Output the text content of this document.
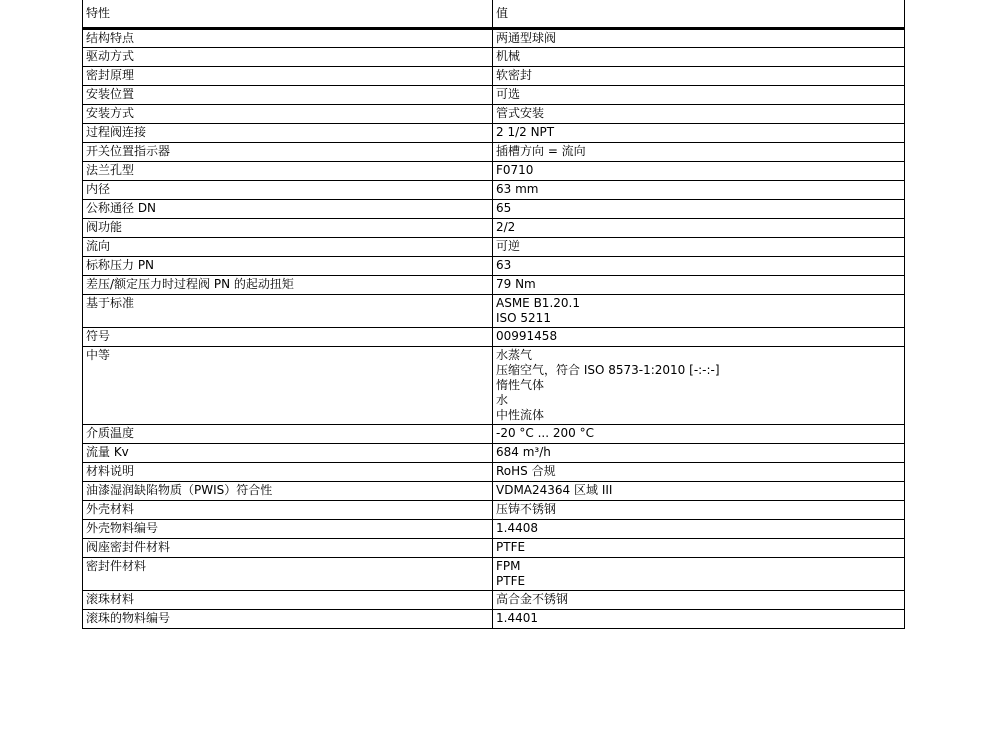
特性	值
结构特点	两通型球阀

驱动方式	机械

密封原理	软密封

安装位置	可选

安装方式	管式安装

过程阀连接	2 1/2 NPT

开关位置指示器	插槽方向 = 流向

法兰孔型	F0710

内径	63 mm

公称通径 DN	65

阀功能	2/2

流向	可逆

标称压力 PN	63

差压/额定压力时过程阀 PN 的起动扭矩	79 Nm

基于标准	ASME B1.20.1
ISO 5211

符号	00991458

中等	水蒸气
压缩空气，符合 ISO 8573-1:2010 [-:-:-]
惰性气体
水
中性流体

介质温度	-20 °C ... 200 °C

流量 Kv	684 m³/h

材料说明	RoHS 合规

油漆湿润缺陷物质（PWIS）符合性	VDMA24364 区域 III

外壳材料	压铸不锈钢

外壳物料编号	1.4408

阀座密封件材料	PTFE

密封件材料	FPM
PTFE

滚珠材料	高合金不锈钢

滚珠的物料编号	1.4401
